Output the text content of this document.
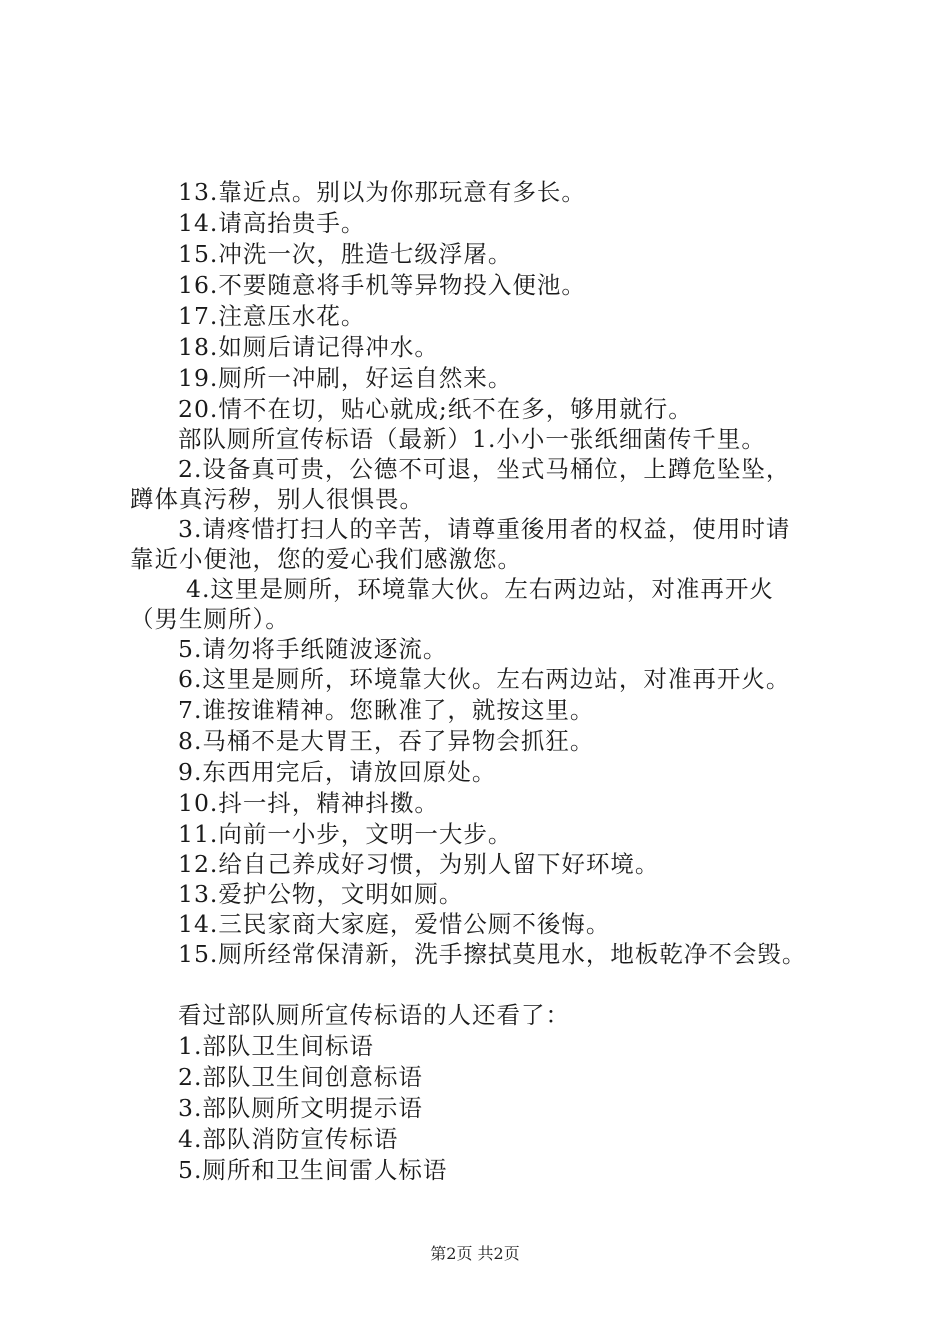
13.靠近点。别以为你那玩意有多长。
14.请高抬贵手。
15.冲洗一次，胜造七级浮屠。
16.不要随意将手机等异物投入便池。
17.注意压水花。
18.如厕后请记得冲水。
19.厕所一冲刷，好运自然来。
20.情不在切，贴心就成;纸不在多，够用就行。
部队厕所宣传标语（最新）1.小小一张纸细菌传千里。
2.设备真可贵，公德不可退，坐式马桶位，上蹲危坠坠，
蹲体真污秽，别人很惧畏。
3.请疼惜打扫人的辛苦，请尊重後用者的权益，使用时请
靠近小便池，您的爱心我们感激您。
4.这里是厕所，环境靠大伙。左右两边站，对准再开火
（男生厕所）。
5.请勿将手纸随波逐流。
6.这里是厕所，环境靠大伙。左右两边站，对准再开火。
7.谁按谁精神。您瞅准了，就按这里。
8.马桶不是大胃王，吞了异物会抓狂。
9.东西用完后，请放回原处。
10.抖一抖，精神抖擞。
11.向前一小步，文明一大步。
12.给自己养成好习惯，为别人留下好环境。
13.爱护公物，文明如厕。
14.三民家商大家庭，爱惜公厕不後悔。
15.厕所经常保清新，洗手擦拭莫甩水，地板乾净不会毁。
看过部队厕所宣传标语的人还看了：
1.部队卫生间标语
2.部队卫生间创意标语
3.部队厕所文明提示语
4.部队消防宣传标语
5.厕所和卫生间雷人标语
第2页 共2页
